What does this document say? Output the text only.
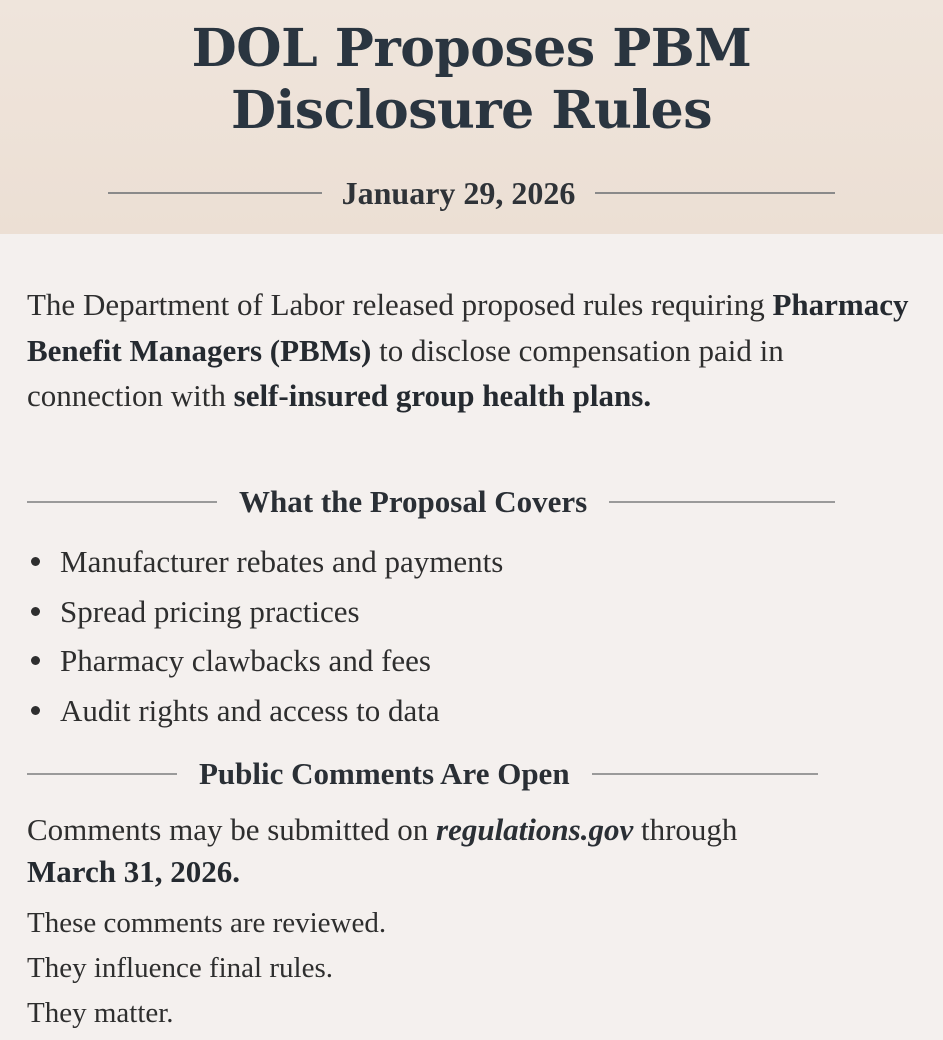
DOL Proposes PBM
Disclosure Rules
January 29, 2026
The Department of Labor released proposed rules requiring Pharmacy Benefit Managers (PBMs) to disclose compensation paid in connection with self-insured group health plans.
What the Proposal Covers
Manufacturer rebates and payments
Spread pricing practices
Pharmacy clawbacks and fees
Audit rights and access to data
Public Comments Are Open
Comments may be submitted on regulations.gov through
March 31, 2026.
These comments are reviewed.
They influence final rules.
They matter.
